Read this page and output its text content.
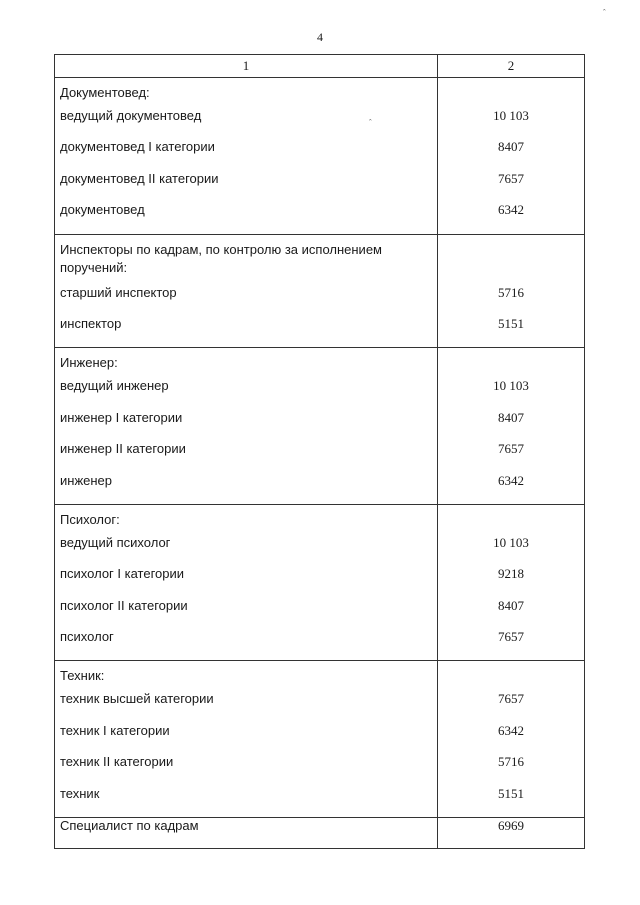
4
ˆ
ˆ
1	2
Документовед:	
ведущий документовед	10 103
документовед I категории	8407
документовед II категории	7657
документовед	6342
Инспекторы по кадрам, по контролю за исполнением поручений:	
старший инспектор	5716
инспектор	5151
Инженер:	
ведущий инженер	10 103
инженер I категории	8407
инженер II категории	7657
инженер	6342
Психолог:	
ведущий психолог	10 103
психолог I категории	9218
психолог II категории	8407
психолог	7657
Техник:	
техник высшей категории	7657
техник I категории	6342
техник II категории	5716
техник	5151
Специалист по кадрам	6969
